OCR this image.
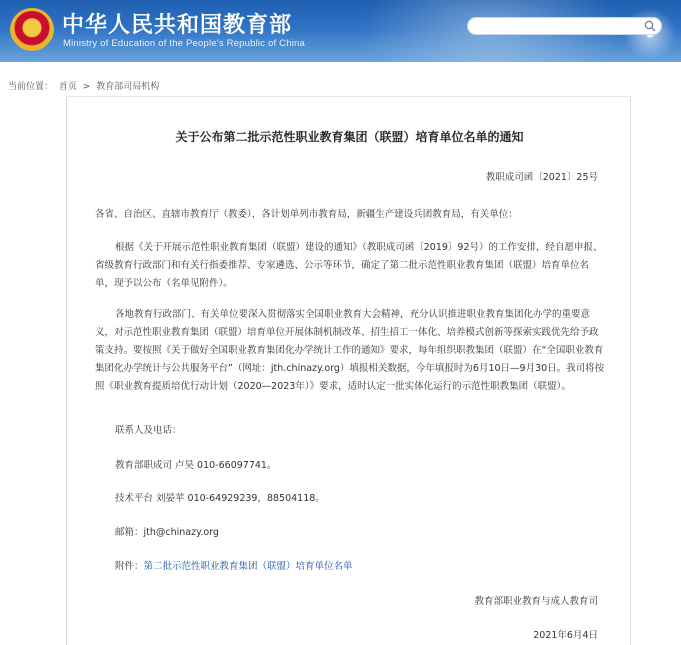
中华人民共和国教育部
Ministry of Education of the People's Republic of China
当前位置： 首页 > 教育部司局机构
关于公布第二批示范性职业教育集团（联盟）培育单位名单的通知
教职成司函〔2021〕25号
各省、自治区、直辖市教育厅（教委），各计划单列市教育局，新疆生产建设兵团教育局，有关单位：
根据《关于开展示范性职业教育集团（联盟）建设的通知》（教职成司函〔2019〕92号）的工作安排，经自愿申报、省级教育行政部门和有关行指委推荐、专家遴选、公示等环节，确定了第二批示范性职业教育集团（联盟）培育单位名单，现予以公布（名单见附件）。
各地教育行政部门、有关单位要深入贯彻落实全国职业教育大会精神，充分认识推进职业教育集团化办学的重要意义，对示范性职业教育集团（联盟）培育单位开展体制机制改革、招生招工一体化、培养模式创新等探索实践优先给予政策支持。要按照《关于做好全国职业教育集团化办学统计工作的通知》要求，每年组织职教集团（联盟）在“全国职业教育集团化办学统计与公共服务平台”（网址：jth.chinazy.org）填报相关数据，今年填报时为6月10日—9月30日。我司将按照《职业教育提质培优行动计划（2020—2023年）》要求，适时认定一批实体化运行的示范性职教集团（联盟）。
联系人及电话：
教育部职成司 卢昊 010-66097741。
技术平台 刘晏苹 010-64929239，88504118。
邮箱：jth@chinazy.org
附件：第二批示范性职业教育集团（联盟）培育单位名单
教育部职业教育与成人教育司
2021年6月4日
